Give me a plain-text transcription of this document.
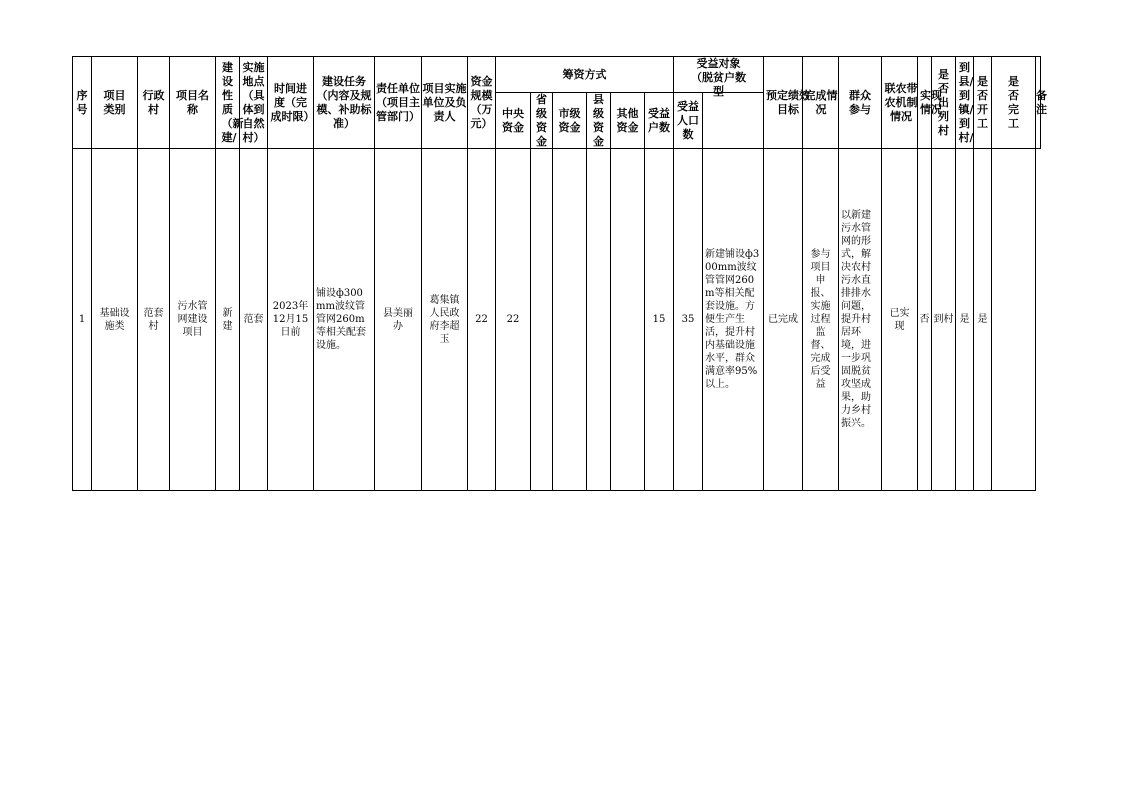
序号	项目类别	行政村	项目名称	建设性质（新建/	实施地点（具体到自然村）	时间进度（完成时限）	建设任务（内容及规模、补助标准）	责任单位（项目主管部门）	项目实施单位及负责人	资金规模（万元）	筹资方式						受益对象（脱贫户数型		预定绩效目标	完成情况	群众参与	联农带农机制情况	实现情况	是否出列村	到县/到镇/到村/	是否开工	是否完工	备注

											中央资金	省级资金	市级资金	县级资金	其他资金	受益户数	受益人口数											

1	基础设施类	范套村	污水管网建设项目	新建	范套	2023年12月15日前	铺设ф300mm波纹管管网260m等相关配套设施。	县美丽办	葛集镇人民政府李超玉	22	22					15	35	新建铺设ф300mm波纹管管网260m等相关配套设施。方便生产生活，提升村内基础设施水平，群众满意率95%以上。	已完成	参与项目申报、实施过程监督、完成后受益	以新建污水管网的形式，解决农村污水直排排水问题，提升村居环境，进一步巩固脱贫攻坚成果，助力乡村振兴。	已实现	否	到村	是	是		
